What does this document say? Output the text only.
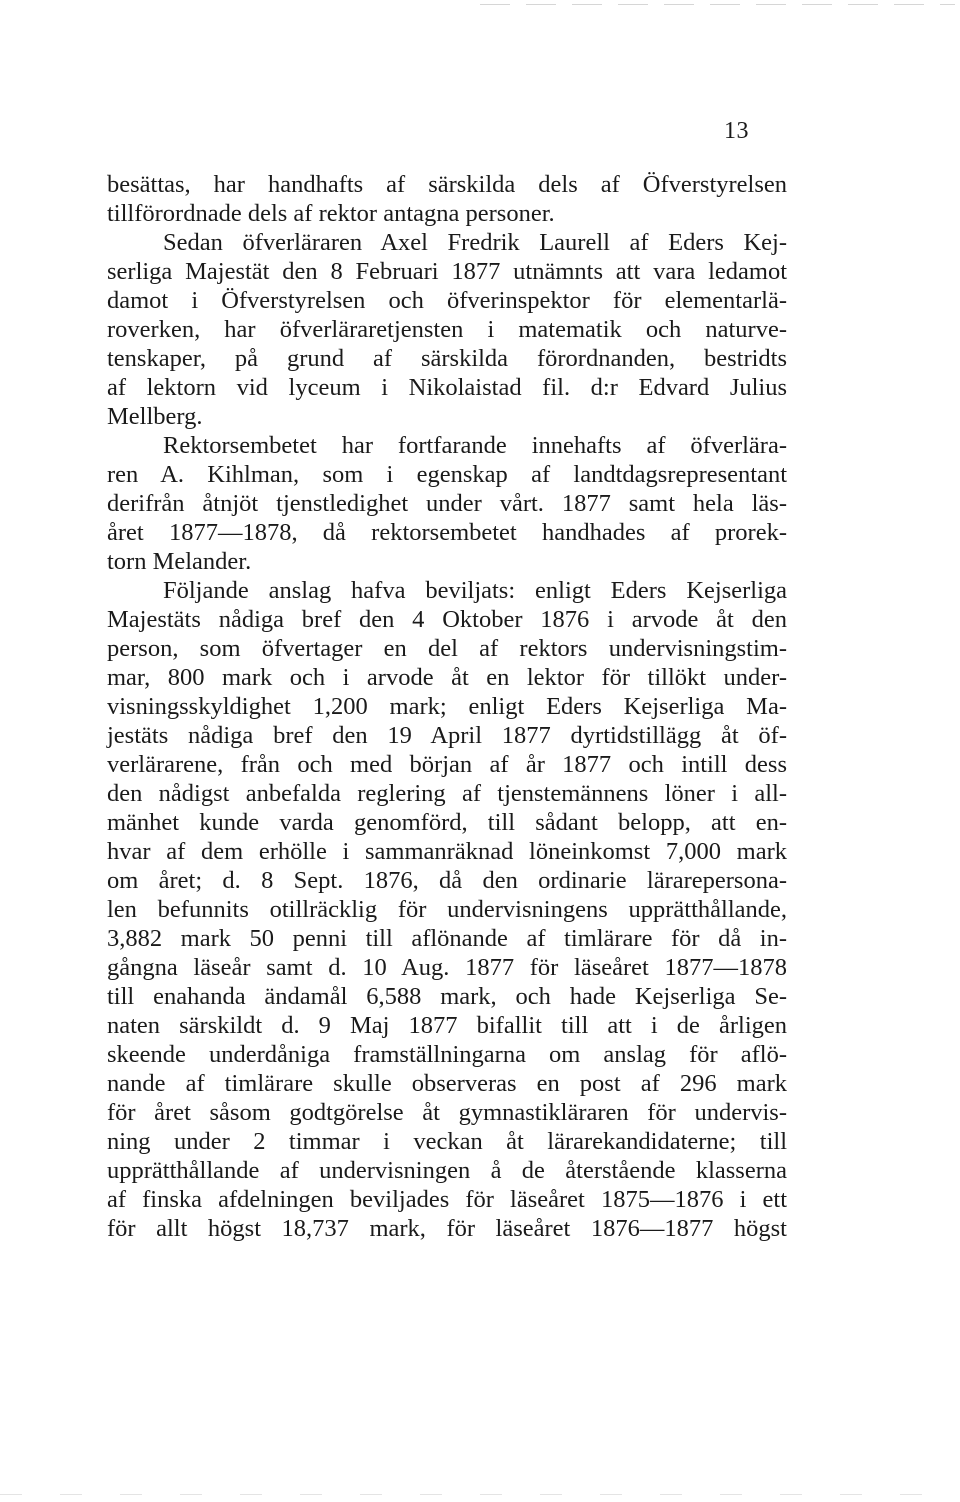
13
besättas, har handhafts af särskilda dels af Öfverstyrelsen
tillförordnade dels af rektor antagna personer.
Sedan öfverläraren Axel Fredrik Laurell af Eders Kej-
serliga Majestät den 8 Februari 1877 utnämnts att vara ledamot
damot i Öfverstyrelsen och öfverinspektor för elementarlä-
roverken, har öfverläraretjensten i matematik och naturve-
tenskaper, på grund af särskilda förordnanden, bestridts
af lektorn vid lyceum i Nikolaistad fil. d:r Edvard Julius
Mellberg.
Rektorsembetet har fortfarande innehafts af öfverlära-
ren A. Kihlman, som i egenskap af landtdagsrepresentant
derifrån åtnjöt tjenstledighet under vårt. 1877 samt hela läs-
året 1877—1878, då rektorsembetet handhades af prorek-
torn Melander.
Följande anslag hafva beviljats: enligt Eders Kejserliga
Majestäts nådiga bref den 4 Oktober 1876 i arvode åt den
person, som öfvertager en del af rektors undervisningstim-
mar, 800 mark och i arvode åt en lektor för tillökt under-
visningsskyldighet 1,200 mark; enligt Eders Kejserliga Ma-
jestäts nådiga bref den 19 April 1877 dyrtidstillägg åt öf-
verlärarene, från och med början af år 1877 och intill dess
den nådigst anbefalda reglering af tjenstemännens löner i all-
mänhet kunde varda genomförd, till sådant belopp, att en-
hvar af dem erhölle i sammanräknad löneinkomst 7,000 mark
om året; d. 8 Sept. 1876, då den ordinarie lärarepersona-
len befunnits otillräcklig för undervisningens upprätthållande,
3,882 mark 50 penni till aflönande af timlärare för då in-
gångna läseår samt d. 10 Aug. 1877 för läseåret 1877—1878
till enahanda ändamål 6,588 mark, och hade Kejserliga Se-
naten särskildt d. 9 Maj 1877 bifallit till att i de årligen
skeende underdåniga framställningarna om anslag för aflö-
nande af timlärare skulle observeras en post af 296 mark
för året såsom godtgörelse åt gymnastikläraren för undervis-
ning under 2 timmar i veckan åt lärarekandidaterne; till
upprätthållande af undervisningen å de återstående klasserna
af finska afdelningen beviljades för läseåret 1875—1876 i ett
för allt högst 18,737 mark, för läseåret 1876—1877 högst
